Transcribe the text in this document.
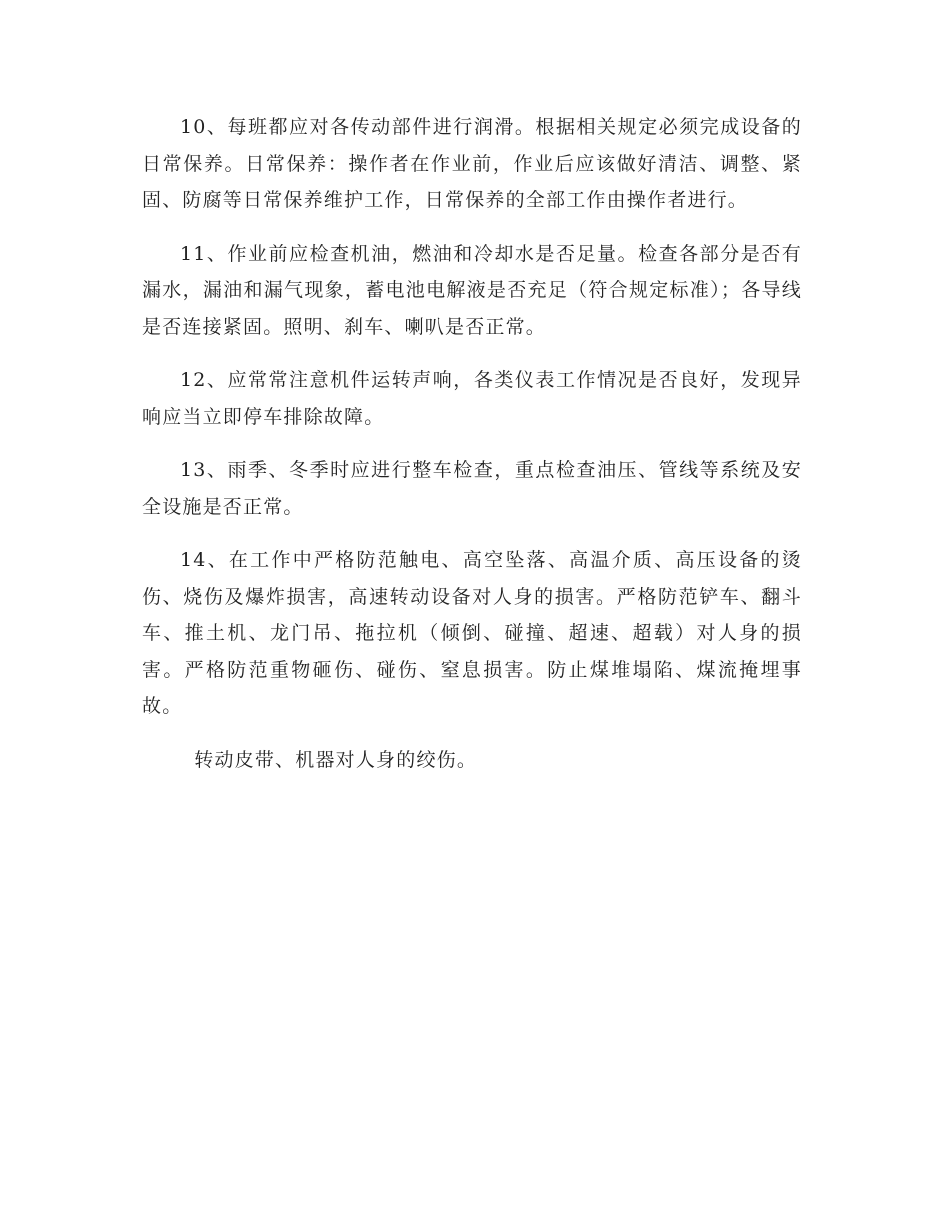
10、每班都应对各传动部件进行润滑。根据相关规定必须完成设备的日常保养。日常保养：操作者在作业前，作业后应该做好清洁、调整、紧固、防腐等日常保养维护工作，日常保养的全部工作由操作者进行。

11、作业前应检查机油，燃油和冷却水是否足量。检查各部分是否有漏水，漏油和漏气现象，蓄电池电解液是否充足（符合规定标准）；各导线是否连接紧固。照明、刹车、喇叭是否正常。

12、应常常注意机件运转声响，各类仪表工作情况是否良好，发现异响应当立即停车排除故障。

13、雨季、冬季时应进行整车检查，重点检查油压、管线等系统及安全设施是否正常。

14、在工作中严格防范触电、高空坠落、高温介质、高压设备的烫伤、烧伤及爆炸损害，高速转动设备对人身的损害。严格防范铲车、翻斗车、推土机、龙门吊、拖拉机（倾倒、碰撞、超速、超载）对人身的损害。严格防范重物砸伤、碰伤、窒息损害。防止煤堆塌陷、煤流掩埋事故。

转动皮带、机器对人身的绞伤。
